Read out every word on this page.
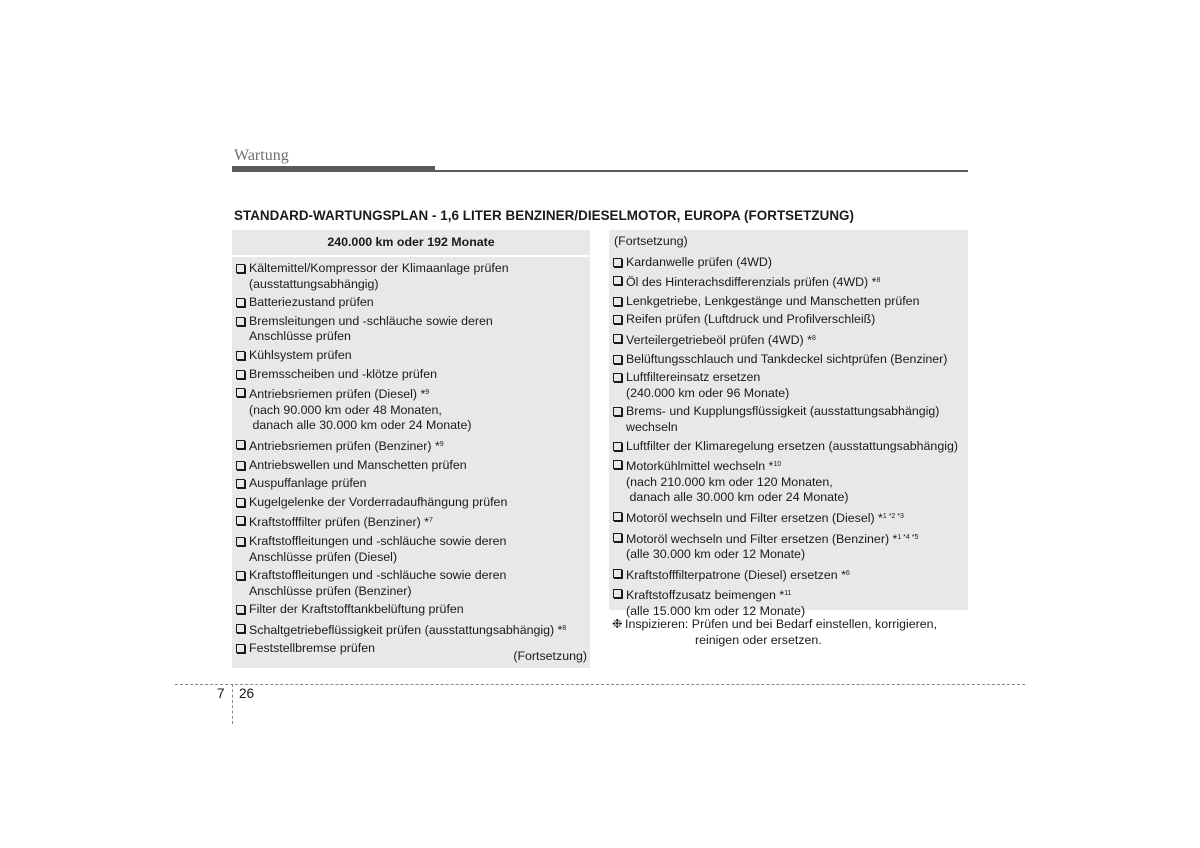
Wartung
STANDARD-WARTUNGSPLAN - 1,6 LITER BENZINER/DIESELMOTOR, EUROPA (FORTSETZUNG)
240.000 km oder 192 Monate
Kältemittel/Kompressor der Klimaanlage prüfen
(ausstattungsabhängig)
Batteriezustand prüfen
Bremsleitungen und -schläuche sowie deren
Anschlüsse prüfen
Kühlsystem prüfen
Bremsscheiben und -klötze prüfen
Antriebsriemen prüfen (Diesel) *$^9$
(nach 90.000 km oder 48 Monaten,
danach alle 30.000 km oder 24 Monate)
Antriebsriemen prüfen (Benziner) *$^9$
Antriebswellen und Manschetten prüfen
Auspuffanlage prüfen
Kugelgelenke der Vorderradaufhängung prüfen
Kraftstofffilter prüfen (Benziner) *$^7$
Kraftstoffleitungen und -schläuche sowie deren
Anschlüsse prüfen (Diesel)
Kraftstoffleitungen und -schläuche sowie deren
Anschlüsse prüfen (Benziner)
Filter der Kraftstofftankbelüftung prüfen
Schaltgetriebeflüssigkeit prüfen (ausstattungsabhängig) *$^8$
Feststellbremse prüfen
(Fortsetzung)
(Fortsetzung)
Kardanwelle prüfen (4WD)
Öl des Hinterachsdifferenzials prüfen (4WD) *$^8$
Lenkgetriebe, Lenkgestänge und Manschetten prüfen
Reifen prüfen (Luftdruck und Profilverschleiß)
Verteilergetriebeöl prüfen (4WD) *$^8$
Belüftungsschlauch und Tankdeckel sichtprüfen (Benziner)
Luftfiltereinsatz ersetzen
(240.000 km oder 96 Monate)
Brems- und Kupplungsflüssigkeit (ausstattungsabhängig)
wechseln
Luftfilter der Klimaregelung ersetzen (ausstattungsabhängig)
Motorkühlmittel wechseln *$^{10}$
(nach 210.000 km oder 120 Monaten,
danach alle 30.000 km oder 24 Monate)
Motoröl wechseln und Filter ersetzen (Diesel) *$^{1 *2 *3}$
Motoröl wechseln und Filter ersetzen (Benziner) *$^{1 *4 *5}$
(alle 30.000 km oder 12 Monate)
Kraftstofffilterpatrone (Diesel) ersetzen *$^6$
Kraftstoffzusatz beimengen *$^{11}$
(alle 15.000 km oder 12 Monate)
❉ Inspizieren: Prüfen und bei Bedarf einstellen, korrigieren,
reinigen oder ersetzen.
7 26
